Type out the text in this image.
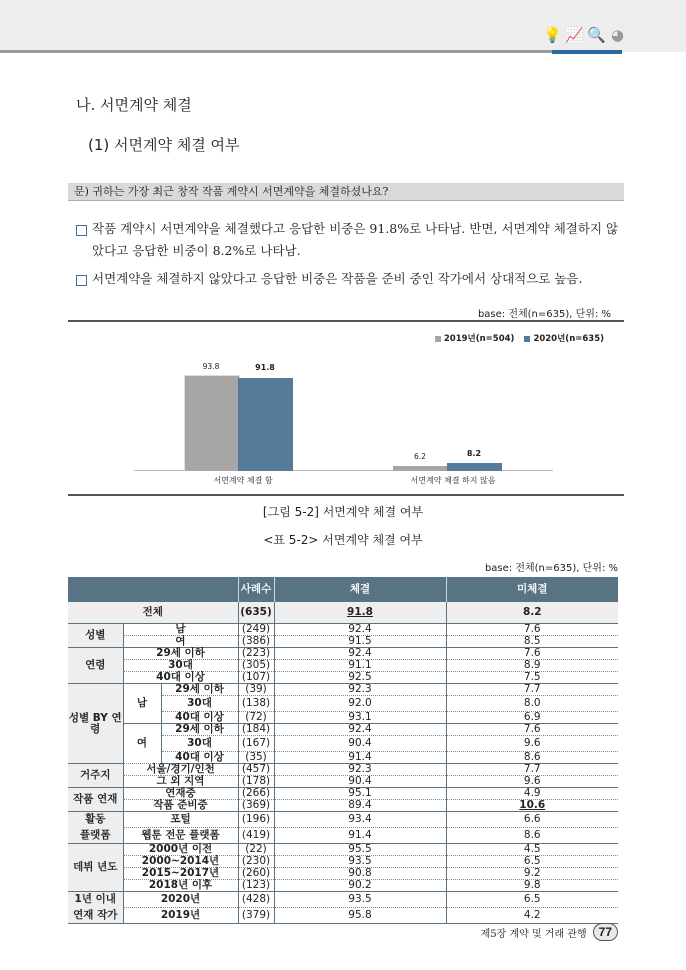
💡 📈 🔍 ◕
나. 서면계약 체결
(1) 서면계약 체결 여부
문) 귀하는 가장 최근 창작 작품 계약시 서면계약을 체결하셨나요?
작품 계약시 서면계약을 체결했다고 응답한 비중은 91.8%로 나타남. 반면, 서면계약 체결하지 않았다고 응답한 비중이 8.2%로 나타남.
서면계약을 체결하지 않았다고 응답한 비중은 작품을 준비 중인 작가에서 상대적으로 높음.
base: 전체(n=635), 단위: %
2019년(n=504)	2020년(n=635)
93.8	91.8
6.2	8.2
서면계약 체결 함	서면계약 체결 하지 않음
[그림 5-2] 서면계약 체결 여부
<표 5-2> 서면계약 체결 여부
base: 전체(n=635), 단위: %
			사례수	체결	미체결
전체			(635)	91.8	8.2
성별	남		(249)	92.4	7.6
	여		(386)	91.5	8.5
연령	29세 이하		(223)	92.4	7.6
	30대		(305)	91.1	8.9
	40대 이상		(107)	92.5	7.5
성별 BY 연령	남	29세 이하	(39)	92.3	7.7
		30대	(138)	92.0	8.0
		40대 이상	(72)	93.1	6.9
	여	29세 이하	(184)	92.4	7.6
		30대	(167)	90.4	9.6
		40대 이상	(35)	91.4	8.6
거주지	서울/경기/인천		(457)	92.3	7.7
	그 외 지역		(178)	90.4	9.6
작품 연재	연재중		(266)	95.1	4.9
	작품 준비중		(369)	89.4	10.6
활동	포털		(196)	93.4	6.6
플랫폼	웹툰 전문 플랫폼		(419)	91.4	8.6
데뷔 년도	2000년 이전		(22)	95.5	4.5
	2000~2014년		(230)	93.5	6.5
	2015~2017년		(260)	90.8	9.2
	2018년 이후		(123)	90.2	9.8
1년 이내	2020년		(428)	93.5	6.5
연재 작가	2019년		(379)	95.8	4.2
제5장 계약 및 거래 관행	77
